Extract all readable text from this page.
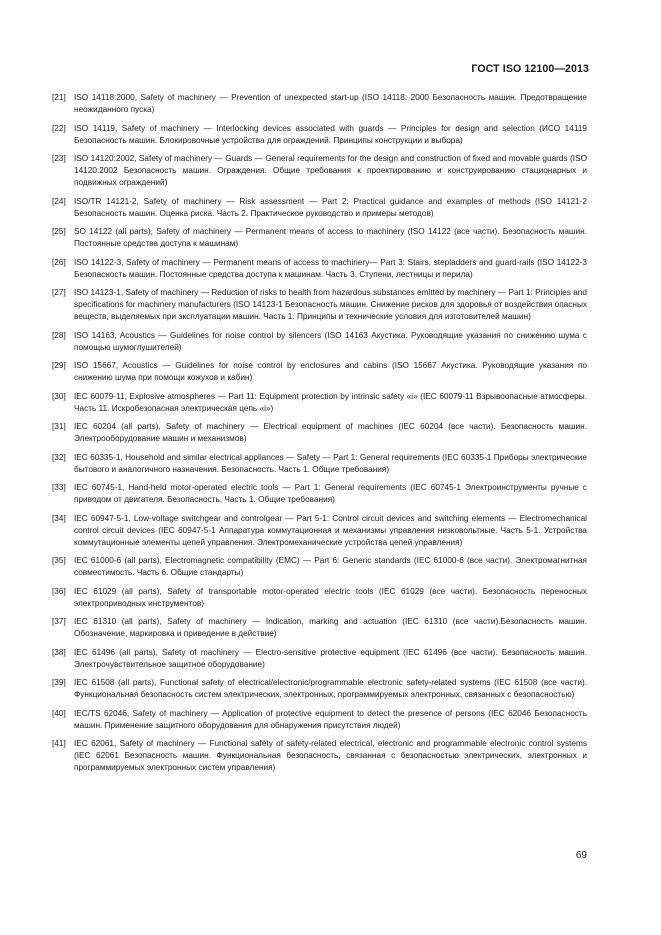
ГОСТ ISO 12100—2013
[21] ISO 14118:2000, Safety of machinery — Prevention of unexpected start-up (ISO 14118: 2000 Безопасность машин. Предотвращение неожиданного пуска)
[22] ISO 14119, Safety of machinery — Interlocking devices associated with guards — Principles for design and selection (ИСО 14119 Безопасность машин. Блокировочные устройства для ограждений. Принципы конструкции и выбора)
[23] ISO 14120:2002, Safety of machinery — Guards — General requirements for the design and construction of fixed and movable guards (ISO 14120:2002 Безопасность машин. Ограждения. Общие требования к проектированию и конструированию стационарных и подвижных ограждений)
[24] ISO/TR 14121-2, Safety of machinery — Risk assessment — Part 2: Practical guidance and examples of methods (ISO 14121-2 Безопасность машин. Оценка риска. Часть 2. Практическое руководство и примеры методов)
[25] SO 14122 (all parts), Safety of machinery — Permanent means of access to machinery (ISO 14122 (все части). Безопасность машин. Постоянные средства доступа к машинам)
[26] ISO 14122-3, Safety of machinery — Permanent means of access to machinery— Part 3: Stairs, stepladders and guard-rails (ISO 14122-3 Безопасность машин. Постоянные средства доступа к машинам. Часть 3. Ступени, лестницы и перила)
[27] ISO 14123-1, Safety of machinery — Reduction of risks to health from hazardous substances emitted by machinery — Part 1: Principles and specifications for machinery manufacturers (ISO 14123-1 Безопасность машин. Снижение рисков для здоровья от воздействия опасных веществ, выделяемых при эксплуатации машин. Часть 1. Принципы и технические условия для изготовителей машин)
[28] ISO 14163, Acoustics — Guidelines for noise control by silencers (ISO 14163 Акустика. Руководящие указания по снижению шума с помощью шумоглушителей)
[29] ISO 15667, Acoustics — Guidelines for noise control by enclosures and cabins (ISO 15667 Акустика. Руководящие указания по снижению шума при помощи кожухов и кабин)
[30] IEC 60079-11, Explosive atmospheres — Part 11: Equipment protection by intrinsic safety «i» (IEC 60079-11 Взрывоопасные атмосферы. Часть 11. Искробезопасная электрическая цепь «i»)
[31] IEC 60204 (all parts), Safety of machinery — Electrical equipment of machines (IEC 60204 (все части). Безопасность машин. Электрооборудование машин и механизмов)
[32] IEC 60335-1, Household and similar electrical appliances — Safety — Part 1: General requirements (IEC 60335-1 Приборы электрические бытового и аналогичного назначения. Безопасность. Часть 1. Общие требования)
[33] IEC 60745-1, Hand-held motor-operated electric tools — Part 1: General requirements (IEC 60745-1 Электроинструменты ручные с приводом от двигателя. Безопасность. Часть 1. Общие требования)
[34] IEC 60947-5-1, Low-voltage switchgear and controlgear — Part 5-1: Control circuit devices and switching elements — Electromechanical control circuit devices (IEC 60947-5-1 Аппаратура коммутационная и механизмы управления низковольтные. Часть 5-1. Устройства коммутационные элементы цепей управления. Электромеханические устройства цепей управления)
[35] IEC 61000-6 (all parts), Electromagnetic compatibility (EMC) — Part 6: Generic standards (IEC 61000-6 (все части). Электромагнитная совместимость. Часть 6. Общие стандарты)
[36] IEC 61029 (all parts), Safety of transportable motor-operated electric tools (IEC 61029 (все части). Безопасность переносных электроприводных инструментов)
[37] IEC 61310 (all parts), Safety of machinery — Indication, marking and actuation (IEC 61310 (все части).Безопасность машин. Обозначение, маркировка и приведение в действие)
[38] IEC 61496 (all parts), Safety of machinery — Electro-sensitive protective equipment (IEC 61496 (все части). Безопасность машин. Электрочувствительное защитное оборудование)
[39] IEC 61508 (all parts), Functional safety of electrical/electronic/programmable electronic safety-related systems (IEC 61508 (все части). Функциональная безопасность систем электрических, электронных, программируемых электронных, связанных с безопасностью)
[40] IEC/TS 62046, Safety of machinery — Application of protective equipment to detect the presence of persons (IEC 62046 Безопасность машин. Применение защитного оборудования для обнаружения присутствия людей)
[41] IEC 62061, Safety of machinery — Functional safety of safety-related electrical, electronic and programmable electronic control systems (IEC 62061 Безопасность машин. Функциональная безопасность, связанная с безопасностью электрических, электронных и программируемых электронных систем управления)
69
